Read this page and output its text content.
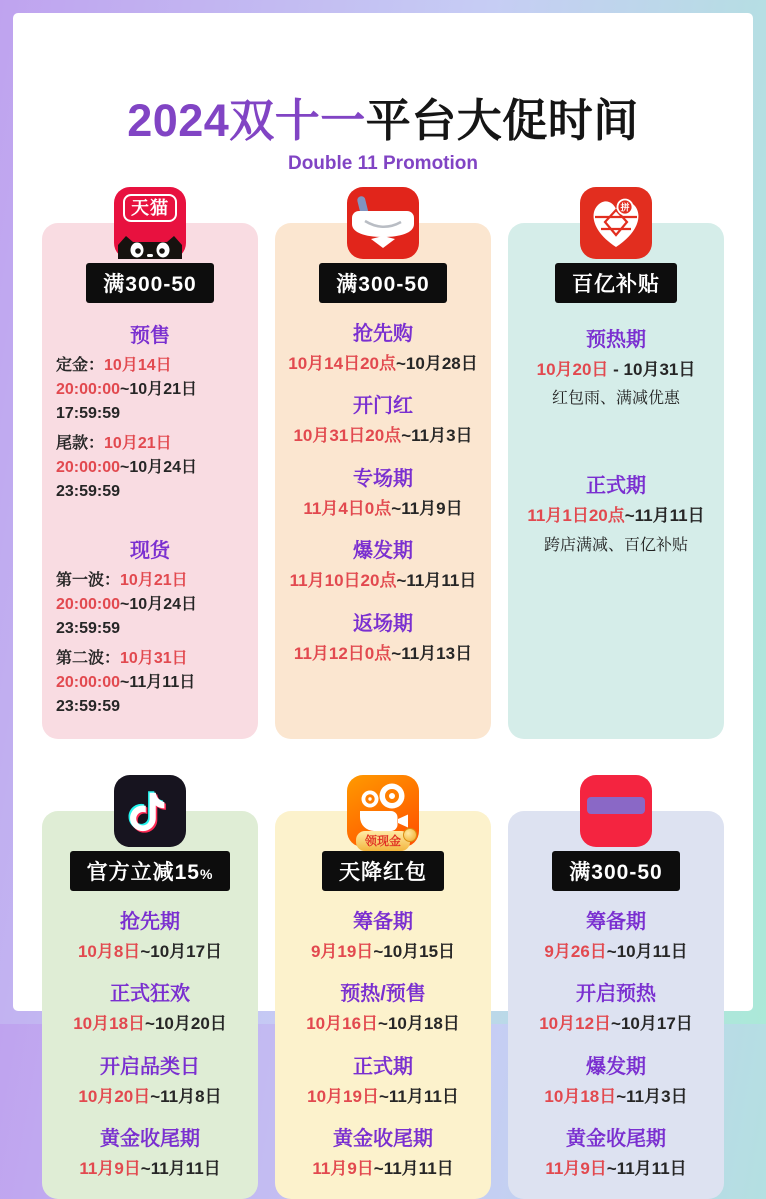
2024双十一平台大促时间
Double 11 Promotion
天猫
满300-50
预售
定金：10月14日20:00:00~10月21日17:59:59
尾款：10月21日20:00:00~10月24日23:59:59
现货
第一波：10月21日20:00:00~10月24日23:59:59
第二波：10月31日20:00:00~11月11日23:59:59
满300-50
抢先购
10月14日20点~10月28日
开门红
10月31日20点~11月3日
专场期
11月4日0点~11月9日
爆发期
11月10日20点~11月11日
返场期
11月12日0点~11月13日
拼
百亿补贴
预热期
10月20日 - 10月31日
红包雨、满减优惠
正式期
11月1日20点~11月11日
跨店满减、百亿补贴
官方立减15%
抢先期
10月8日~10月17日
正式狂欢
10月18日~10月20日
开启品类日
10月20日~11月8日
黄金收尾期
11月9日~11月11日
领现金
天降红包
筹备期
9月19日~10月15日
预热/预售
10月16日~10月18日
正式期
10月19日~11月11日
黄金收尾期
11月9日~11月11日
满300-50
筹备期
9月26日~10月11日
开启预热
10月12日~10月17日
爆发期
10月18日~11月3日
黄金收尾期
11月9日~11月11日
